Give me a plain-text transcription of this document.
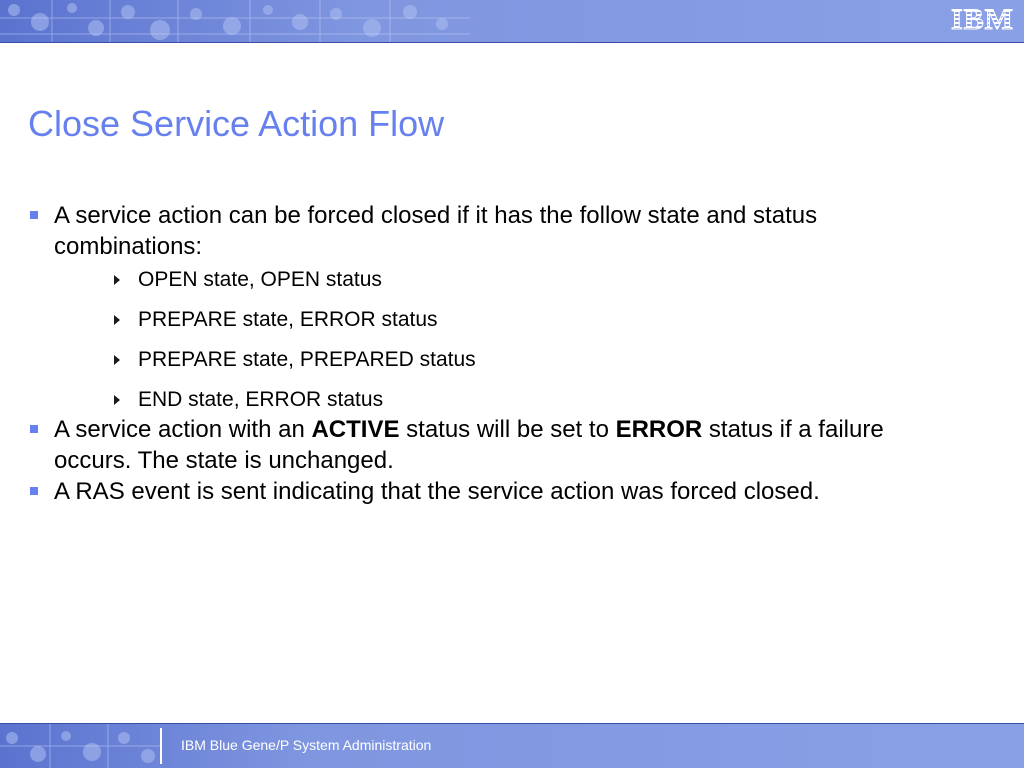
IBM
Close Service Action Flow
A service action can be forced closed if it has the follow state and status combinations:
OPEN state, OPEN status
PREPARE state, ERROR status
PREPARE state, PREPARED status
END state, ERROR status
A service action with an ACTIVE status will be set to ERROR status if a failure occurs. The state is unchanged.
A RAS event is sent indicating that the service action was forced closed.
IBM Blue Gene/P System Administration
